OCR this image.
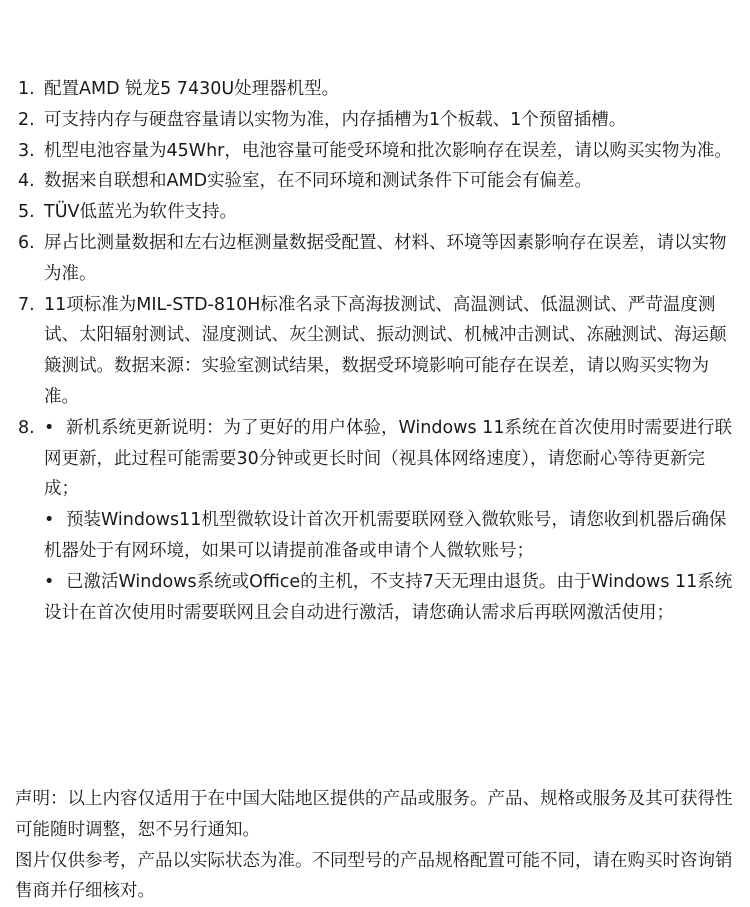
1. 配置AMD 锐龙5 7430U处理器机型。
2. 可支持内存与硬盘容量请以实物为准，内存插槽为1个板载、1个预留插槽。
3. 机型电池容量为45Whr，电池容量可能受环境和批次影响存在误差，请以购买实物为准。
4. 数据来自联想和AMD实验室，在不同环境和测试条件下可能会有偏差。
5. TÜV低蓝光为软件支持。
6. 屏占比测量数据和左右边框测量数据受配置、材料、环境等因素影响存在误差，请以实物为准。
7. 11项标准为MIL-STD-810H标准名录下高海拔测试、高温测试、低温测试、严苛温度测试、太阳辐射测试、湿度测试、灰尘测试、振动测试、机械冲击测试、冻融测试、海运颠簸测试。数据来源：实验室测试结果，数据受环境影响可能存在误差，请以购买实物为准。
8. • 新机系统更新说明：为了更好的用户体验，Windows 11系统在首次使用时需要进行联网更新，此过程可能需要30分钟或更长时间（视具体网络速度），请您耐心等待更新完成；
• 预装Windows11机型微软设计首次开机需要联网登入微软账号，请您收到机器后确保机器处于有网环境，如果可以请提前准备或申请个人微软账号；
• 已激活Windows系统或Office的主机，不支持7天无理由退货。由于Windows 11系统设计在首次使用时需要联网且会自动进行激活，请您确认需求后再联网激活使用；

声明：以上内容仅适用于在中国大陆地区提供的产品或服务。产品、规格或服务及其可获得性可能随时调整，恕不另行通知。

图片仅供参考，产品以实际状态为准。不同型号的产品规格配置可能不同，请在购买时咨询销售商并仔细核对。
